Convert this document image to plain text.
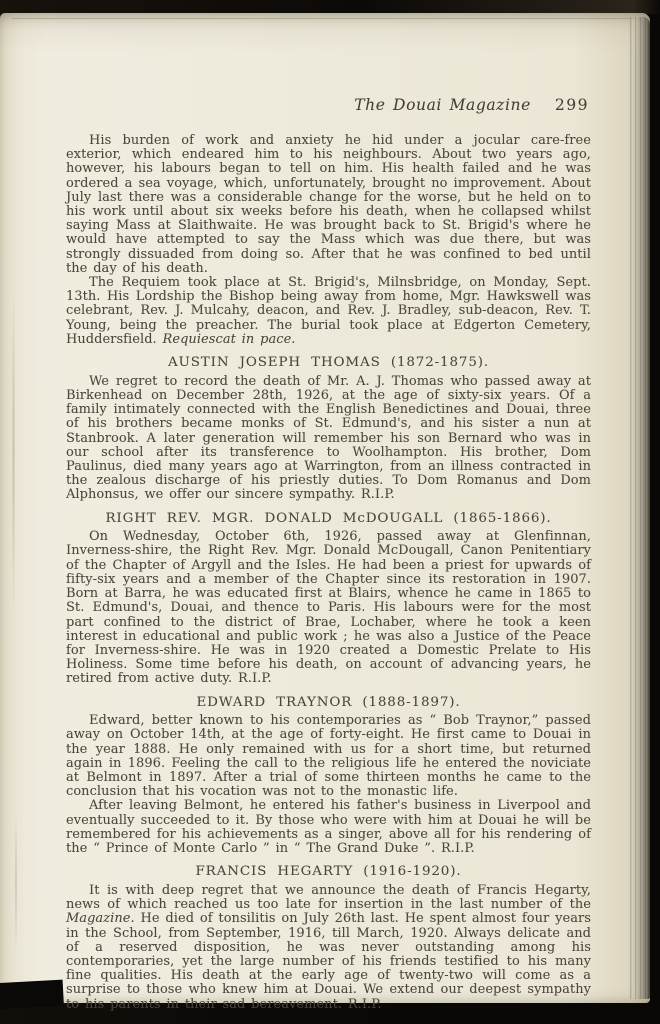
The Douai Magazine 299

His burden of work and anxiety he hid under a jocular care-free exterior, which endeared him to his neighbours. About two years ago, however, his labours began to tell on him. His health failed and he was ordered a sea voyage, which, unfortunately, brought no improvement. About July last there was a considerable change for the worse, but he held on to his work until about six weeks before his death, when he collapsed whilst saying Mass at Slaithwaite. He was brought back to St. Brigid's where he would have attempted to say the Mass which was due there, but was strongly dissuaded from doing so. After that he was confined to bed until the day of his death.

The Requiem took place at St. Brigid's, Milnsbridge, on Monday, Sept. 13th. His Lordship the Bishop being away from home, Mgr. Hawkswell was celebrant, Rev. J. Mulcahy, deacon, and Rev. J. Bradley, sub-deacon, Rev. T. Young, being the preacher. The burial took place at Edgerton Cemetery, Huddersfield. Requiescat in pace.

AUSTIN JOSEPH THOMAS (1872-1875).

We regret to record the death of Mr. A. J. Thomas who passed away at Birkenhead on December 28th, 1926, at the age of sixty-six years. Of a family intimately connected with the English Benedictines and Douai, three of his brothers became monks of St. Edmund's, and his sister a nun at Stanbrook. A later generation will remember his son Bernard who was in our school after its transference to Woolhampton. His brother, Dom Paulinus, died many years ago at Warrington, from an illness contracted in the zealous discharge of his priestly duties. To Dom Romanus and Dom Alphonsus, we offer our sincere sympathy. R.I.P.

RIGHT REV. MGR. DONALD McDOUGALL (1865-1866).

On Wednesday, October 6th, 1926, passed away at Glenfinnan, Inverness-shire, the Right Rev. Mgr. Donald McDougall, Canon Penitentiary of the Chapter of Argyll and the Isles. He had been a priest for upwards of fifty-six years and a member of the Chapter since its restoration in 1907. Born at Barra, he was educated first at Blairs, whence he came in 1865 to St. Edmund's, Douai, and thence to Paris. His labours were for the most part confined to the district of Brae, Lochaber, where he took a keen interest in educational and public work ; he was also a Justice of the Peace for Inverness-shire. He was in 1920 created a Domestic Prelate to His Holiness. Some time before his death, on account of advancing years, he retired from active duty. R.I.P.

EDWARD TRAYNOR (1888-1897).

Edward, better known to his contemporaries as “ Bob Traynor,” passed away on October 14th, at the age of forty-eight. He first came to Douai in the year 1888. He only remained with us for a short time, but returned again in 1896. Feeling the call to the religious life he entered the noviciate at Belmont in 1897. After a trial of some thirteen months he came to the conclusion that his vocation was not to the monastic life.

After leaving Belmont, he entered his father's business in Liverpool and eventually succeeded to it. By those who were with him at Douai he will be remembered for his achievements as a singer, above all for his rendering of the “ Prince of Monte Carlo ” in “ The Grand Duke ”. R.I.P.

FRANCIS HEGARTY (1916-1920).

It is with deep regret that we announce the death of Francis Hegarty, news of which reached us too late for insertion in the last number of the Magazine. He died of tonsilitis on July 26th last. He spent almost four years in the School, from September, 1916, till March, 1920. Always delicate and of a reserved disposition, he was never outstanding among his contemporaries, yet the large number of his friends testified to his many fine qualities. His death at the early age of twenty-two will come as a surprise to those who knew him at Douai. We extend our deepest sympathy to his parents in their sad bereavement. R.I.P.
